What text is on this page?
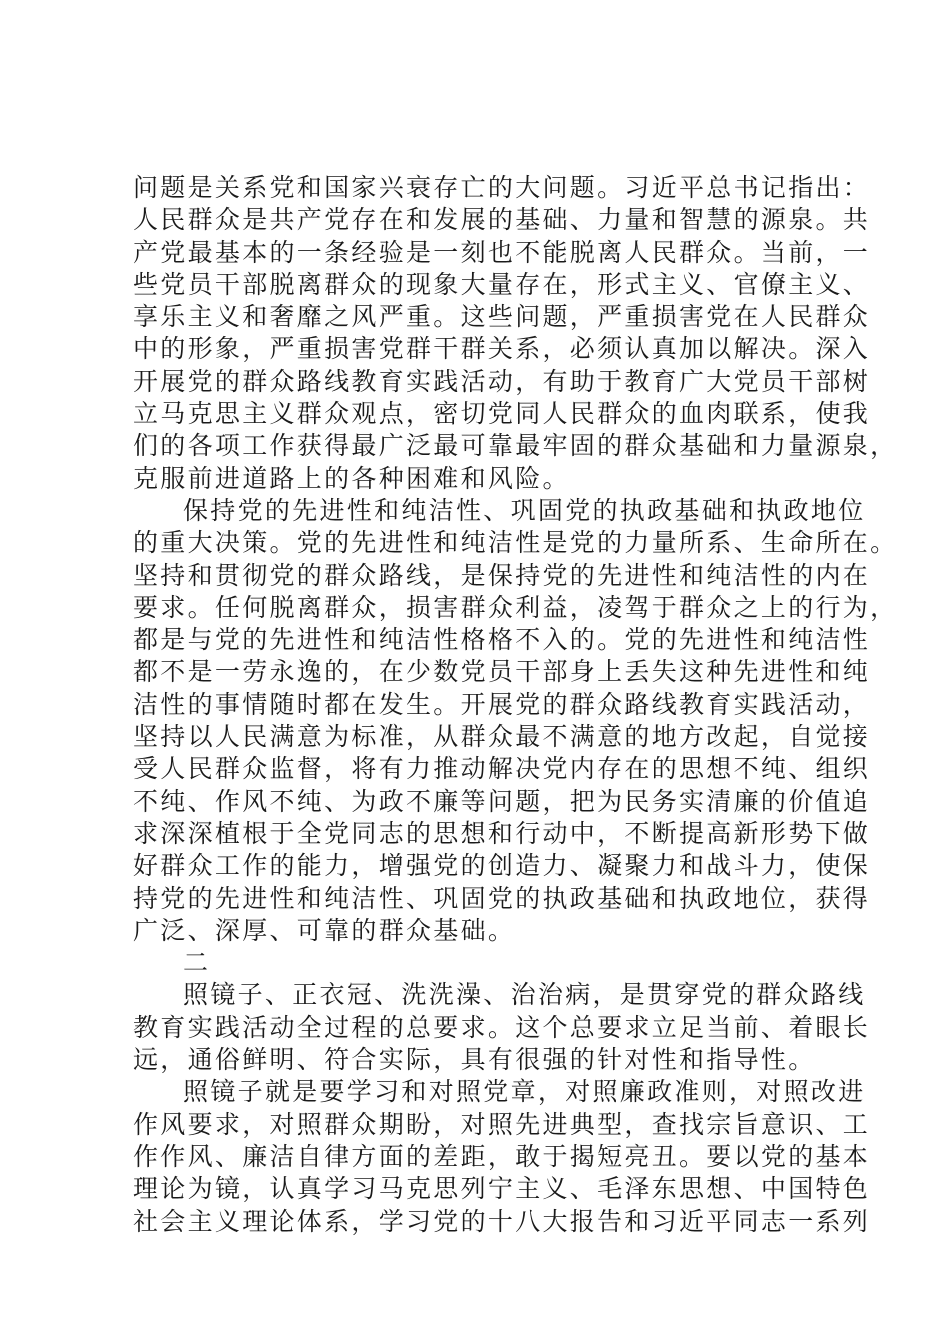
问题是关系党和国家兴衰存亡的大问题。习近平总书记指出：
人民群众是共产党存在和发展的基础、力量和智慧的源泉。共
产党最基本的一条经验是一刻也不能脱离人民群众。当前，一
些党员干部脱离群众的现象大量存在，形式主义、官僚主义、
享乐主义和奢靡之风严重。这些问题，严重损害党在人民群众
中的形象，严重损害党群干群关系，必须认真加以解决。深入
开展党的群众路线教育实践活动，有助于教育广大党员干部树
立马克思主义群众观点，密切党同人民群众的血肉联系，使我
们的各项工作获得最广泛最可靠最牢固的群众基础和力量源泉，
克服前进道路上的各种困难和风险。
保持党的先进性和纯洁性、巩固党的执政基础和执政地位
的重大决策。党的先进性和纯洁性是党的力量所系、生命所在。
坚持和贯彻党的群众路线，是保持党的先进性和纯洁性的内在
要求。任何脱离群众，损害群众利益，凌驾于群众之上的行为，
都是与党的先进性和纯洁性格格不入的。党的先进性和纯洁性
都不是一劳永逸的，在少数党员干部身上丢失这种先进性和纯
洁性的事情随时都在发生。开展党的群众路线教育实践活动，
坚持以人民满意为标准，从群众最不满意的地方改起，自觉接
受人民群众监督，将有力推动解决党内存在的思想不纯、组织
不纯、作风不纯、为政不廉等问题，把为民务实清廉的价值追
求深深植根于全党同志的思想和行动中，不断提高新形势下做
好群众工作的能力，增强党的创造力、凝聚力和战斗力，使保
持党的先进性和纯洁性、巩固党的执政基础和执政地位，获得
广泛、深厚、可靠的群众基础。
二
照镜子、正衣冠、洗洗澡、治治病，是贯穿党的群众路线
教育实践活动全过程的总要求。这个总要求立足当前、着眼长
远，通俗鲜明、符合实际，具有很强的针对性和指导性。
照镜子就是要学习和对照党章，对照廉政准则，对照改进
作风要求，对照群众期盼，对照先进典型，查找宗旨意识、工
作作风、廉洁自律方面的差距，敢于揭短亮丑。要以党的基本
理论为镜，认真学习马克思列宁主义、毛泽东思想、中国特色
社会主义理论体系，学习党的十八大报告和习近平同志一系列
